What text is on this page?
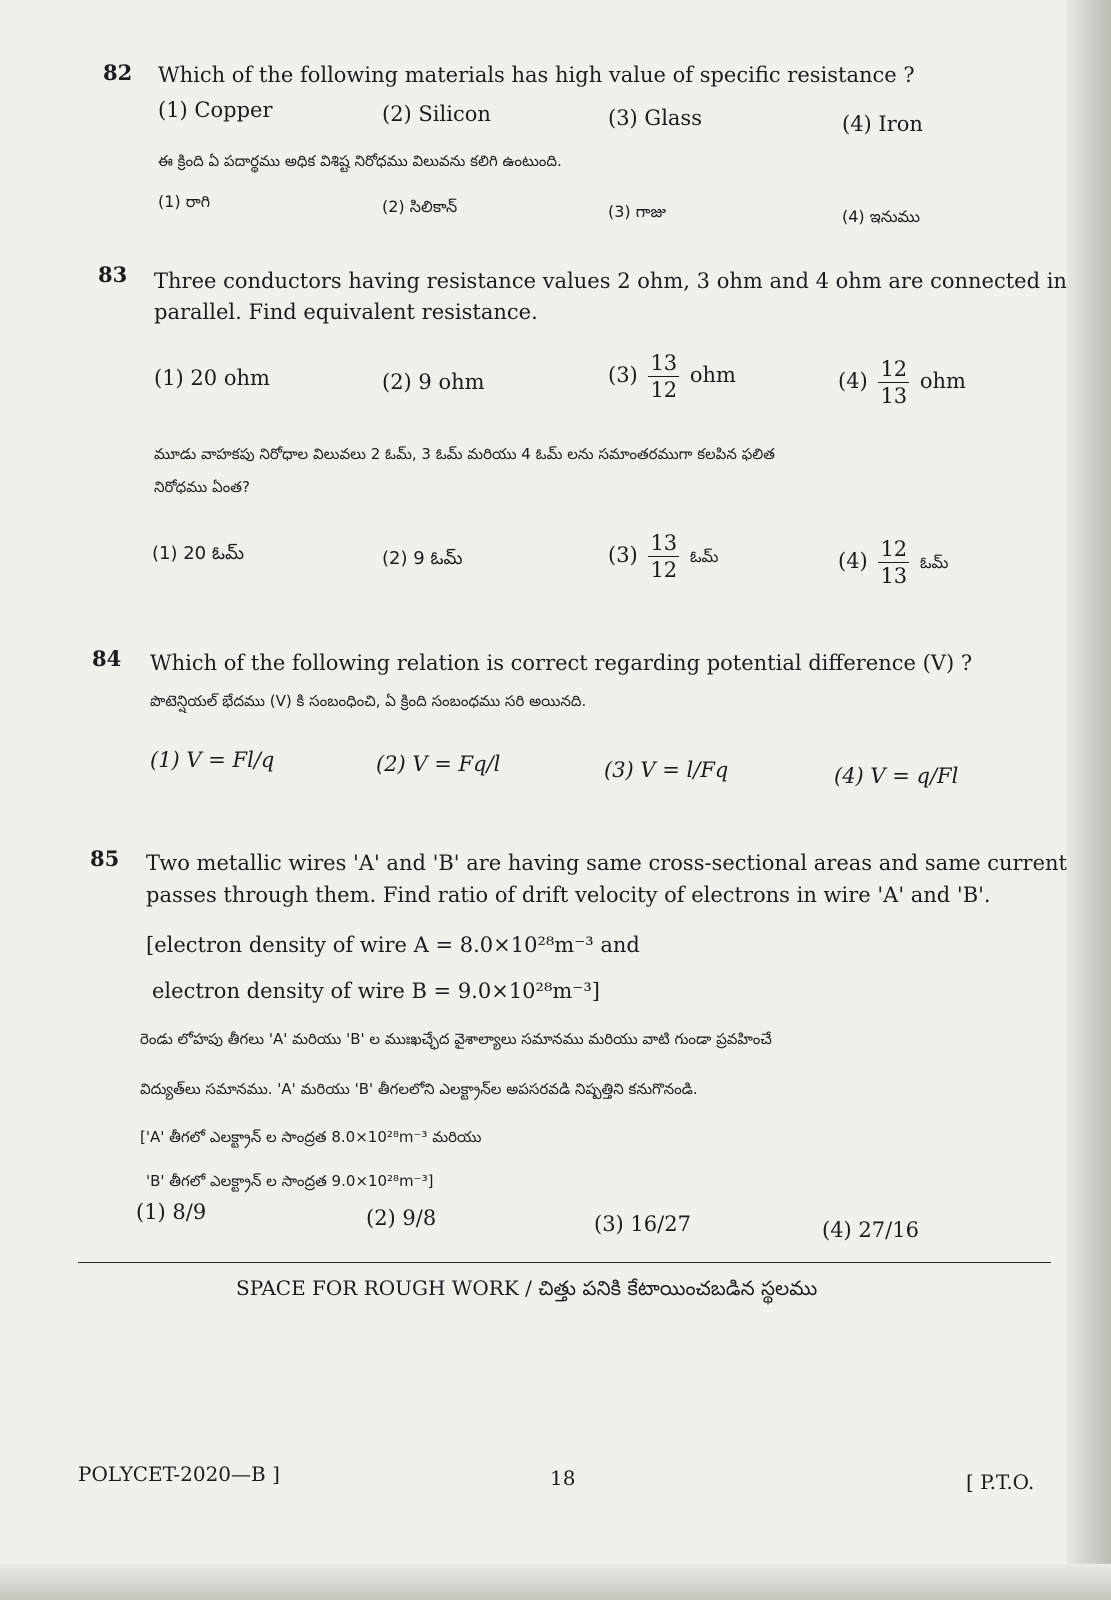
82 Which of the following materials has high value of specific resistance ?
(1) Copper	(2) Silicon	(3) Glass	(4) Iron
ఈ క్రింది ఏ పదార్థము అధిక విశిష్ట నిరోధము విలువను కలిగి ఉంటుంది.
(1) రాగి	(2) సిలికాన్	(3) గాజు	(4) ఇనుము
83 Three conductors having resistance values 2 ohm, 3 ohm and 4 ohm are connected in
parallel. Find equivalent resistance.
(1) 20 ohm	(2) 9 ohm	$(3) \frac{13}{12}$ ohm	$(4) \frac{12}{13}$ ohm
మూడు వాహకపు నిరోధాల విలువలు 2 ఓమ్, 3 ఓమ్ మరియు 4 ఓమ్ లను సమాంతరముగా కలపిన ఫలిత
నిరోధము ఏంత?
(1) 20 ఓమ్	(2) 9 ఓమ్	$(3) \frac{13}{12}$ ఓమ్	$(4) \frac{12}{13}$ ఓమ్
84 Which of the following relation is correct regarding potential difference (V) ?
పొటెన్షియల్ భేదము (V) కి సంబంధించి, ఏ క్రింది సంబంధము సరి అయినది.
(1) V = Fl/q	(2) V = Fq/l	(3) V = l/Fq	(4) V = q/Fl
85 Two metallic wires 'A' and 'B' are having same cross-sectional areas and same current
passes through them. Find ratio of drift velocity of electrons in wire 'A' and 'B'.
[electron density of wire A = 8.0×10²⁸m⁻³ and
electron density of wire B = 9.0×10²⁸m⁻³]
రెండు లోహపు తీగలు 'A' మరియు 'B' ల ముఃఖచ్ఛేద వైశాల్యాలు సమానము మరియు వాటి గుండా ప్రవహించే
విద్యుత్‌లు సమానము. 'A' మరియు 'B' తీగలలోని ఎలక్ట్రాన్‌ల అపసరవడి నిష్పత్తిని కనుగొనండి.
['A' తీగలో ఎలక్ట్రాన్ ల సాంద్రత 8.0×10²⁸m⁻³ మరియు
'B' తీగలో ఎలక్ట్రాన్ ల సాంద్రత 9.0×10²⁸m⁻³]
(1) 8/9	(2) 9/8	(3) 16/27	(4) 27/16
SPACE FOR ROUGH WORK / చిత్తు పనికి కేటాయించబడిన స్థలము
POLYCET-2020—B ]	18	[ P.T.O.
